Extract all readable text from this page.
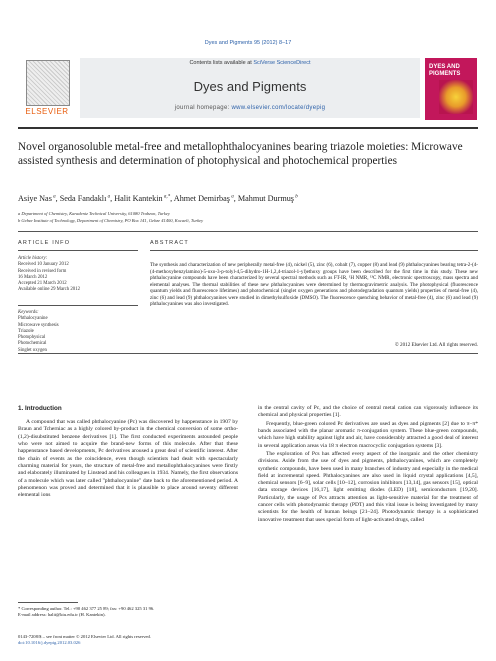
Dyes and Pigments 95 (2012) 8–17
ELSEVIER
Contents lists available at SciVerse ScienceDirect
Dyes and Pigments
journal homepage: www.elsevier.com/locate/dyepig
DYES AND PIGMENTS
Novel organosoluble metal-free and metallophthalocyanines bearing triazole moieties: Microwave assisted synthesis and determination of photophysical and photochemical properties
Asiye Nas $^a$, Seda Fandaklı $^a$, Halit Kantekin $^{a,*}$, Ahmet Demirbaş $^a$, Mahmut Durmuş $^b$
a Department of Chemistry, Karadeniz Technical University, 61080 Trabzon, Turkey
b Gebze Institute of Technology, Department of Chemistry, PO Box 141, Gebze 41400, Kocaeli, Turkey
ARTICLE INFO
Article history:
Received 10 January 2012
Received in revised form
16 March 2012
Accepted 21 March 2012
Available online 29 March 2012
Keywords:
Phthalocyanine
Microwave synthesis
Triazole
Photophysical
Photochemical
Singlet oxygen
ABSTRACT
The synthesis and characterization of new peripherally metal-free (4), nickel (5), zinc (6), cobalt (7), copper (8) and lead (9) phthalocyanines bearing tetra-2-(4-(4-methoxybenzylamino)-5-oxo-3-p-tolyl-4,5-dihydro-1H-1,2,4-triazol-1-yl)ethoxy groups have been described for the first time in this study. These new phthalocyanine compounds have been characterized by several spectral methods such as FT-IR, ¹H NMR, ¹³C NMR, electronic spectroscopy, mass spectra and elemental analyses. The thermal stabilities of these new phthalocyanines were determined by thermogravimetric analysis. The photophysical (fluorescence quantum yields and fluorescence lifetimes) and photochemical (singlet oxygen generations and photodegradation quantum yields) properties of metal-free (4), zinc (6) and lead (9) phthalocyanines were studied in dimethylsulfoxide (DMSO). The fluorescence quenching behavior of metal-free (4), zinc (6) and lead (9) phthalocyanines was also investigated.
© 2012 Elsevier Ltd. All rights reserved.
1. Introduction

A compound that was called phthalocyanine (Pc) was discovered by happenstance in 1907 by Braun and Tcherniac as a highly colored by-product in the chemical conversion of some ortho-(1,2)-disubstituted benzene derivatives [1]. The first conducted experiments astounded people who were not aimed to acquire the brand-new forms of this molecule. After that these happenstance based developments, Pc derivatives aroused a great deal of scientific interest. After the chain of events as the coincidence, even though scientists had dealt with spectacularly charming material for years, the structure of metal-free and metallophthalocyanines were firstly and elaborately illuminated by Linstead and his colleagues in 1934. Namely, the first observations of a molecule which was later called "phthalocyanine" date back to the aforementioned period. A phenomenon was proved and determined that it is plausible to place around seventy different elemental ions

in the central cavity of Pc, and the choice of central metal cation can vigorously influence its chemical and physical properties [1].

Frequently, blue-green colored Pc derivatives are used as dyes and pigments [2] due to π–π* bands associated with the planar aromatic π-conjugation system. These blue-green compounds, which have high stability against light and air, have considerably attracted a good deal of interest in several application areas via 18 π electron macrocyclic conjugation systems [3].

The exploration of Pcs has affected every aspect of the inorganic and the other chemistry divisions. Aside from the use of dyes and pigments, phthalocyanines, which are completely synthetic compounds, have been used in many branches of industry and especially in the medical field at incremental speed. Phthalocyanines are also used in liquid crystal applications [4,5], chemical sensors [6–9], solar cells [10–12], corrosion inhibitors [13,14], gas sensors [15], optical data storage devices [16,17], light emitting diodes (LED) [18], semiconductors [19,20]. Particularly, the usage of Pcs attracts attention as light-sensitive material for the treatment of cancer cells with photodynamic therapy (PDT) and this vital issue is being investigated by many scientists for the health of human beings [21–24]. Photodynamic therapy is a sophisticated innovative treatment that uses special form of light-activated drugs, called

* Corresponding author. Tel.: +90 462 377 25 89; fax: +90 462 325 31 96.
E-mail address: halit@ktu.edu.tr (H. Kantekin).
0143-7208/$ – see front matter © 2012 Elsevier Ltd. All rights reserved.
doi:10.1016/j.dyepig.2012.03.026
